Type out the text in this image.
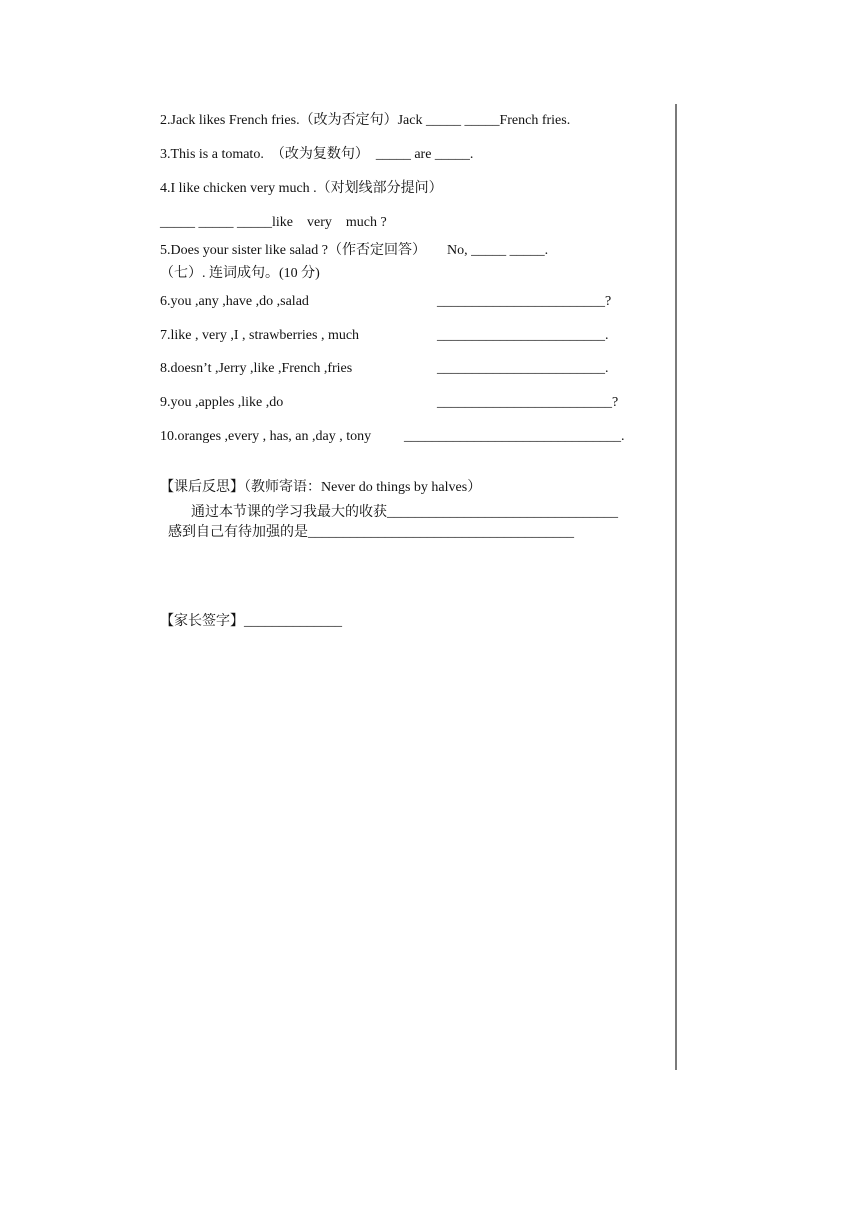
2.Jack likes French fries.（改为否定句）Jack _____ _____French fries.
3.This is a tomato.  （改为复数句）  _____ are _____.
4.I like chicken very much .（对划线部分提问）
_____ _____ _____like    very    much ?
5.Does your sister like salad ?（作否定回答）      No, _____ _____.
（七）. 连词成句。(10 分)
6.you ,any ,have ,do ,salad	________________________?
7.like , very ,I , strawberries , much	________________________.
8.doesn’t ,Jerry ,like ,French ,fries	________________________.
9.you ,apples ,like ,do	_________________________?
10.oranges ,every , has, an ,day , tony _______________________________.
【课后反思】（教师寄语：Never do things by halves）
通过本节课的学习我最大的收获_________________________________
感到自己有待加强的是______________________________________
【家长签字】______________
